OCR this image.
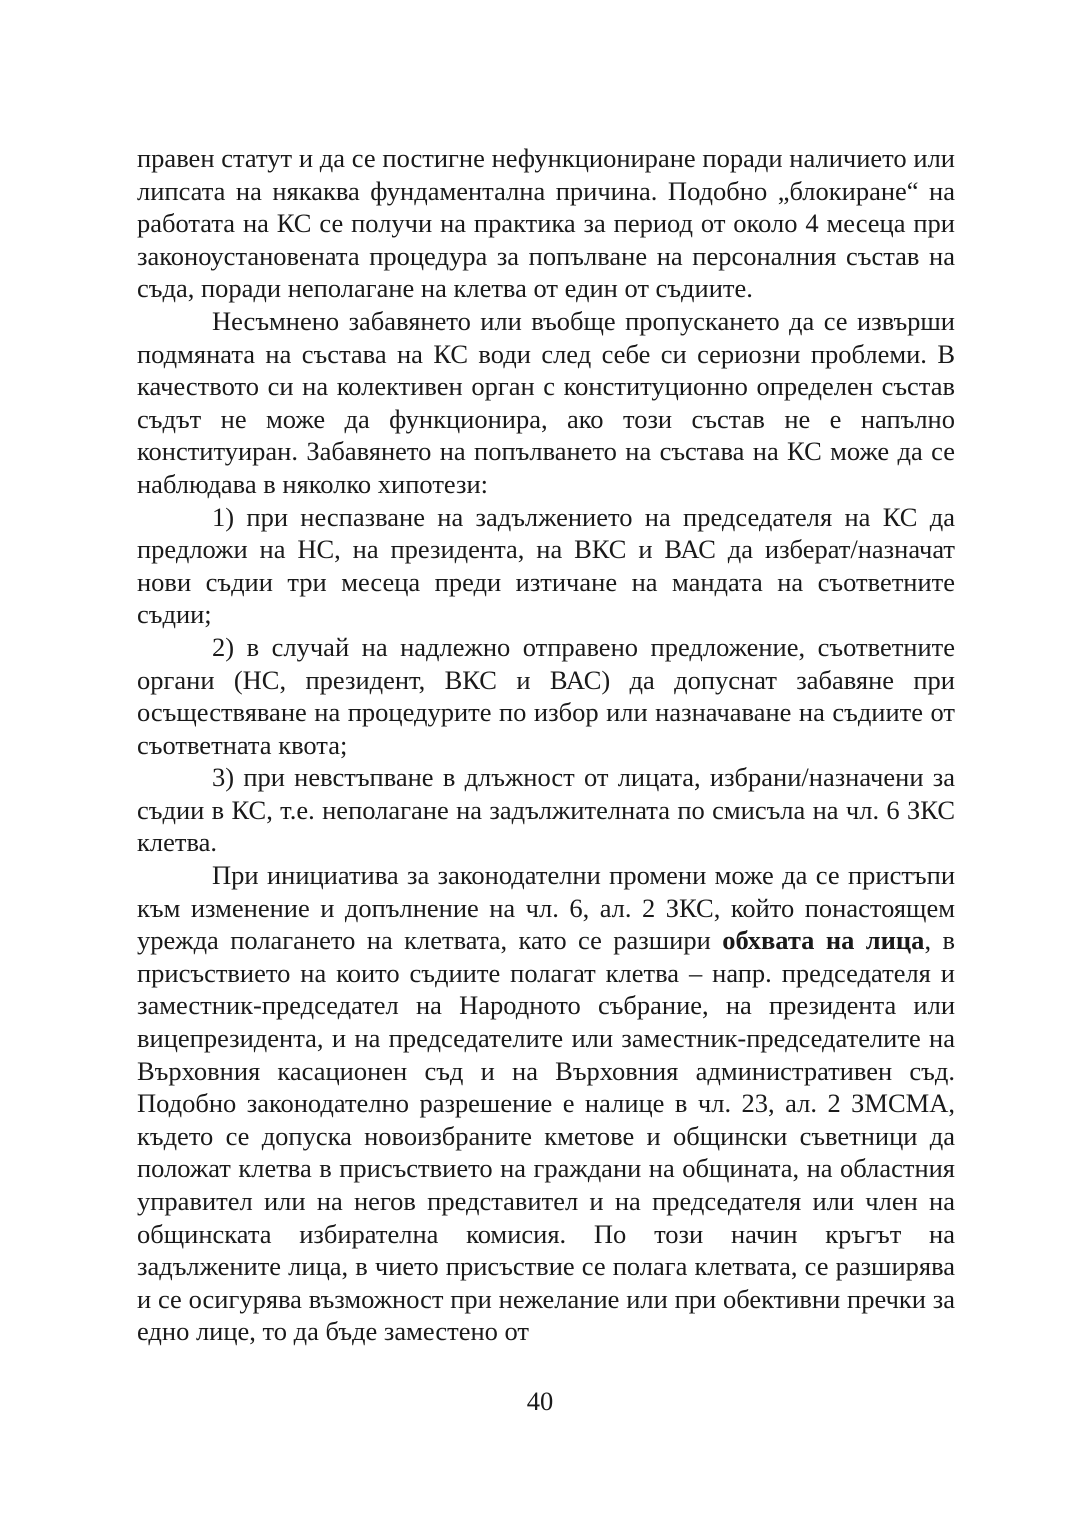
правен статут и да се постигне нефункциониране поради наличието или липсата на някаква фундаментална причина. Подобно „блокиране“ на работата на КС се получи на практика за период от около 4 месеца при законоустановената процедура за попълване на персоналния състав на съда, поради неполагане на клетва от един от съдиите.

Несъмнено забавянето или въобще пропускането да се извърши подмяната на състава на КС води след себе си сериозни проблеми. В качеството си на колективен орган с конституционно определен състав съдът не може да функционира, ако този състав не е напълно конституиран. Забавянето на попълването на състава на КС може да се наблюдава в няколко хипотези:

1) при неспазване на задължението на председателя на КС да предложи на НС, на президента, на ВКС и ВАС да изберат/назначат нови съдии три месеца преди изтичане на мандата на съответните съдии;

2) в случай на надлежно отправено предложение, съответните органи (НС, президент, ВКС и ВАС) да допуснат забавяне при осъществяване на процедурите по избор или назначаване на съдиите от съответната квота;

3) при невстъпване в длъжност от лицата, избрани/назначени за съдии в КС, т.е. неполагане на задължителната по смисъла на чл. 6 ЗКС клетва.

При инициатива за законодателни промени може да се пристъпи към изменение и допълнение на чл. 6, ал. 2 ЗКС, който понастоящем урежда полагането на клетвата, като се разшири обхвата на лица, в присъствието на които съдиите полагат клетва – напр. председателя и заместник-председател на Народното събрание, на президента или вицепрезидента, и на председателите или заместник-председателите на Върховния касационен съд и на Върховния административен съд. Подобно законодателно разрешение е налице в чл. 23, ал. 2 ЗМСМА, където се допуска новоизбраните кметове и общински съветници да положат клетва в присъствието на граждани на общината, на областния управител или на негов представител и на председателя или член на общинската избирателна комисия. По този начин кръгът на задължените лица, в чието присъствие се полага клетвата, се разширява и се осигурява възможност при нежелание или при обективни пречки за едно лице, то да бъде заместено от

40
